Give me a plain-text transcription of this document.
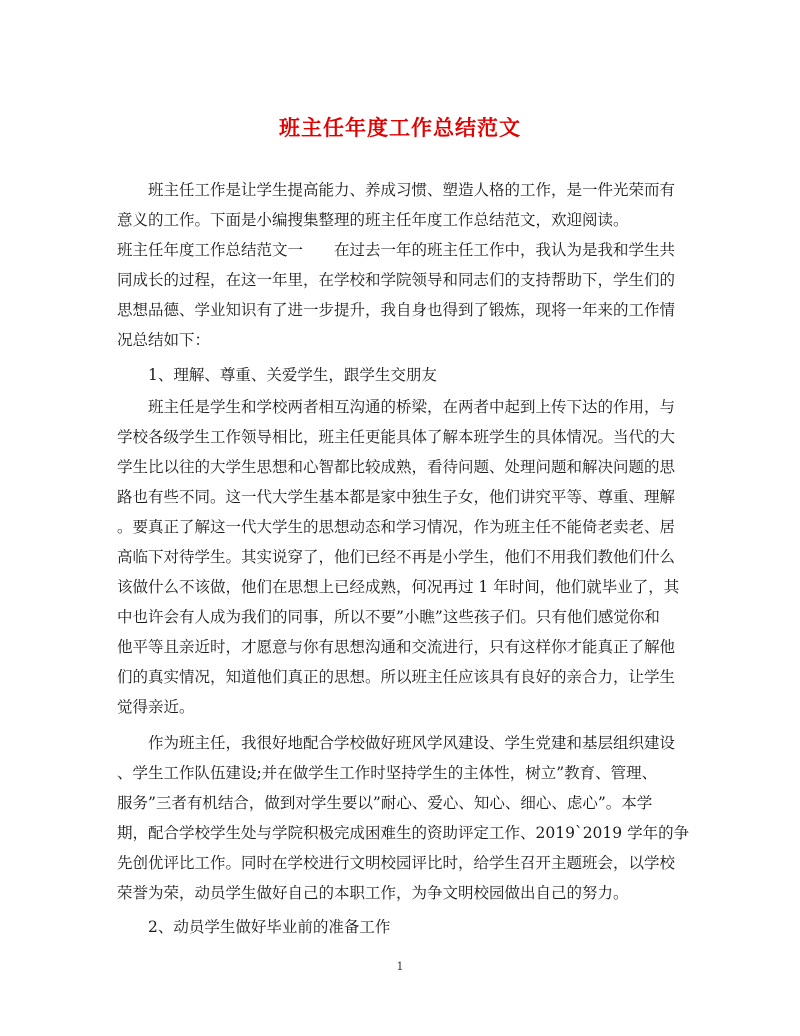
班主任年度工作总结范文

　　班主任工作是让学生提高能力、养成习惯、塑造人格的工作，是一件光荣而有

意义的工作。下面是小编搜集整理的班主任年度工作总结范文，欢迎阅读。

班主任年度工作总结范文一　　在过去一年的班主任工作中，我认为是我和学生共

同成长的过程，在这一年里，在学校和学院领导和同志们的支持帮助下，学生们的

思想品德、学业知识有了进一步提升，我自身也得到了锻炼，现将一年来的工作情

况总结如下：

　　1、理解、尊重、关爱学生，跟学生交朋友

　　班主任是学生和学校两者相互沟通的桥梁，在两者中起到上传下达的作用，与

学校各级学生工作领导相比，班主任更能具体了解本班学生的具体情况。当代的大

学生比以往的大学生思想和心智都比较成熟，看待问题、处理问题和解决问题的思

路也有些不同。这一代大学生基本都是家中独生子女，他们讲究平等、尊重、理解

。要真正了解这一代大学生的思想动态和学习情况，作为班主任不能倚老卖老、居

高临下对待学生。其实说穿了，他们已经不再是小学生，他们不用我们教他们什么

该做什么不该做，他们在思想上已经成熟，何况再过 1 年时间，他们就毕业了，其

中也许会有人成为我们的同事，所以不要”小瞧”这些孩子们。只有他们感觉你和

他平等且亲近时，才愿意与你有思想沟通和交流进行，只有这样你才能真正了解他

们的真实情况，知道他们真正的思想。所以班主任应该具有良好的亲合力，让学生

觉得亲近。

　　作为班主任，我很好地配合学校做好班风学风建设、学生党建和基层组织建设

、学生工作队伍建设;并在做学生工作时坚持学生的主体性，树立”教育、管理、

服务”三者有机结合，做到对学生要以”耐心、爱心、知心、细心、虑心”。本学

期，配合学校学生处与学院积极完成困难生的资助评定工作、2019`2019 学年的争

先创优评比工作。同时在学校进行文明校园评比时，给学生召开主题班会，以学校

荣誉为荣，动员学生做好自己的本职工作，为争文明校园做出自己的努力。

　　2、动员学生做好毕业前的准备工作

1
